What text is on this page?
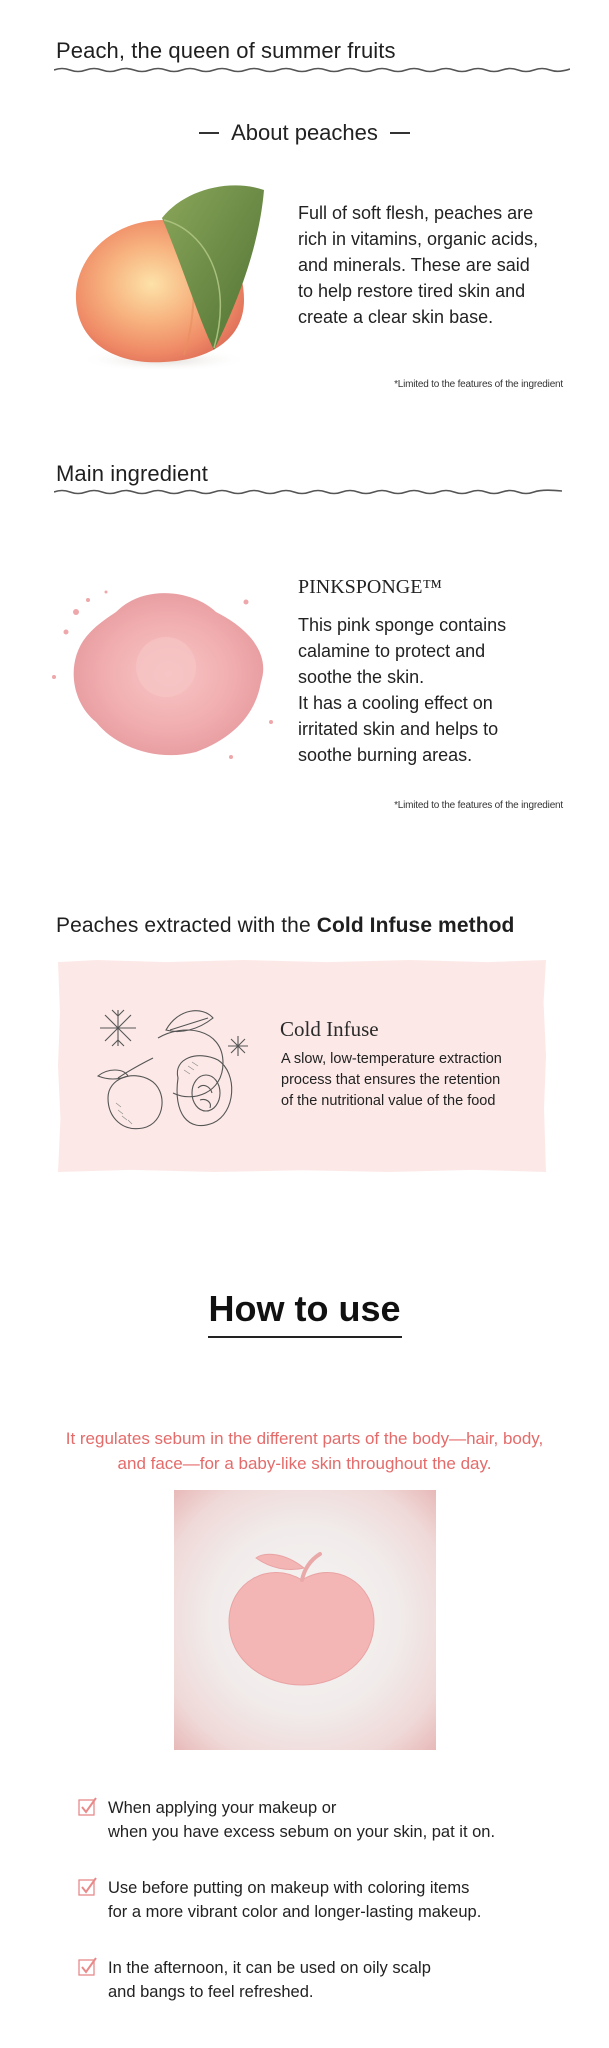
Peach, the queen of summer fruits
About peaches
Full of soft flesh, peaches are
rich in vitamins, organic acids,
and minerals. These are said
to help restore tired skin and
create a clear skin base.
*Limited to the features of the ingredient
Main ingredient
PINKSPONGE™
This pink sponge contains
calamine to protect and
soothe the skin.
It has a cooling effect on
irritated skin and helps to
soothe burning areas.
*Limited to the features of the ingredient
Peaches extracted with the Cold Infuse method
Cold Infuse
A slow, low-temperature extraction
process that ensures the retention
of the nutritional value of the food
How to use
It regulates sebum in the different parts of the body—hair, body,
and face—for a baby-like skin throughout the day.
When applying your makeup or
when you have excess sebum on your skin, pat it on.
Use before putting on makeup with coloring items
for a more vibrant color and longer-lasting makeup.
In the afternoon, it can be used on oily scalp
and bangs to feel refreshed.
